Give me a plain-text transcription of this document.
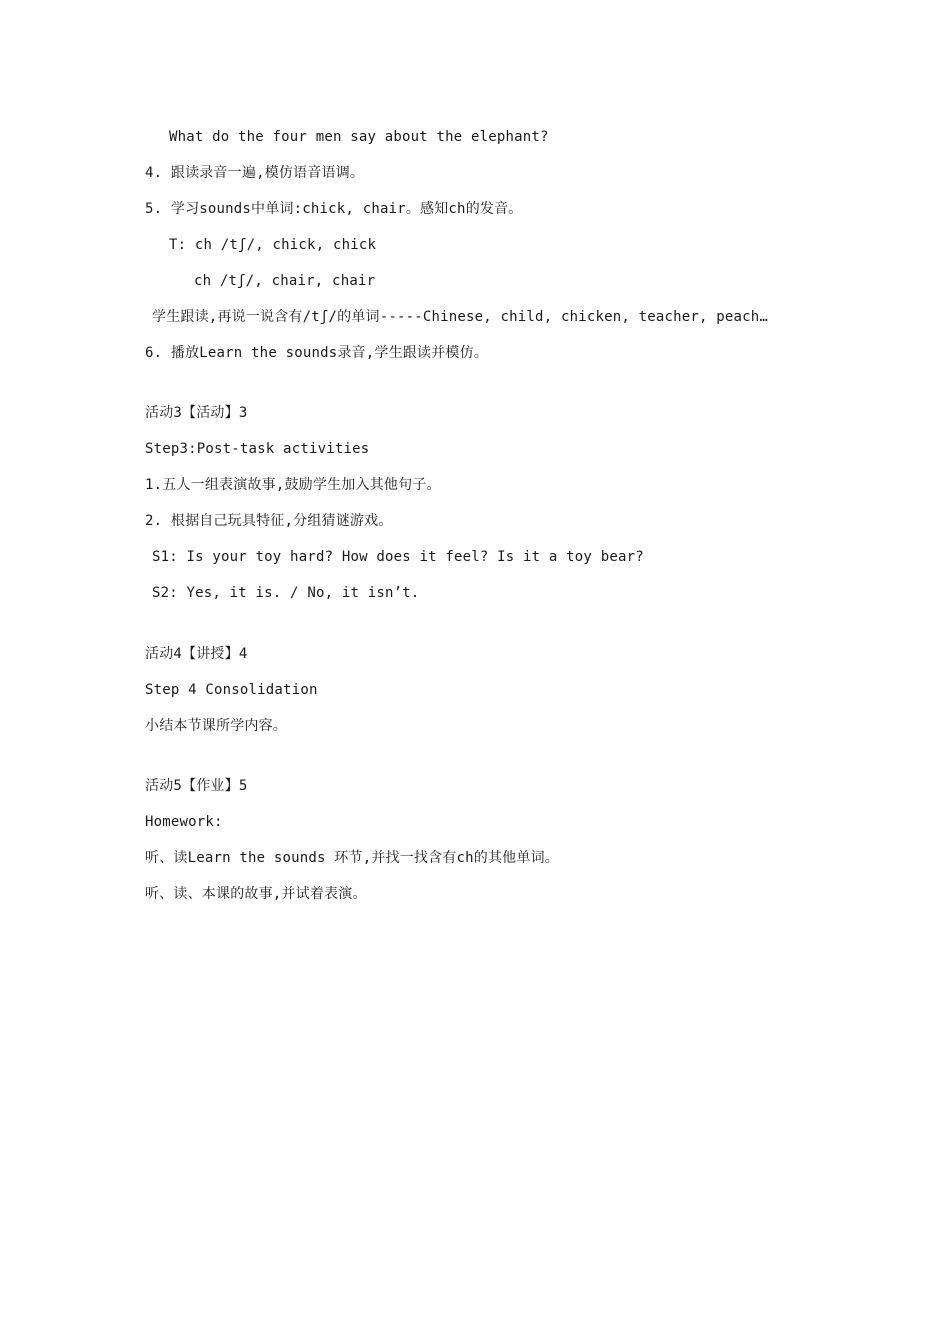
What do the four men say about the elephant?
4. 跟读录音一遍,模仿语音语调。
5. 学习sounds中单词:chick, chair。感知ch的发音。
T: ch /tʃ/, chick, chick
ch /tʃ/, chair, chair
学生跟读,再说一说含有/tʃ/的单词-----Chinese, child, chicken, teacher, peach…
6. 播放Learn the sounds录音,学生跟读并模仿。
活动3【活动】3
Step3:Post-task activities
1.五人一组表演故事,鼓励学生加入其他句子。
2. 根据自己玩具特征,分组猜谜游戏。
S1: Is your toy hard? How does it feel? Is it a toy bear?
S2: Yes, it is. / No, it isn’t.
活动4【讲授】4
Step 4 Consolidation
小结本节课所学内容。
活动5【作业】5
Homework:
听、读Learn the sounds 环节,并找一找含有ch的其他单词。
听、读、本课的故事,并试着表演。
